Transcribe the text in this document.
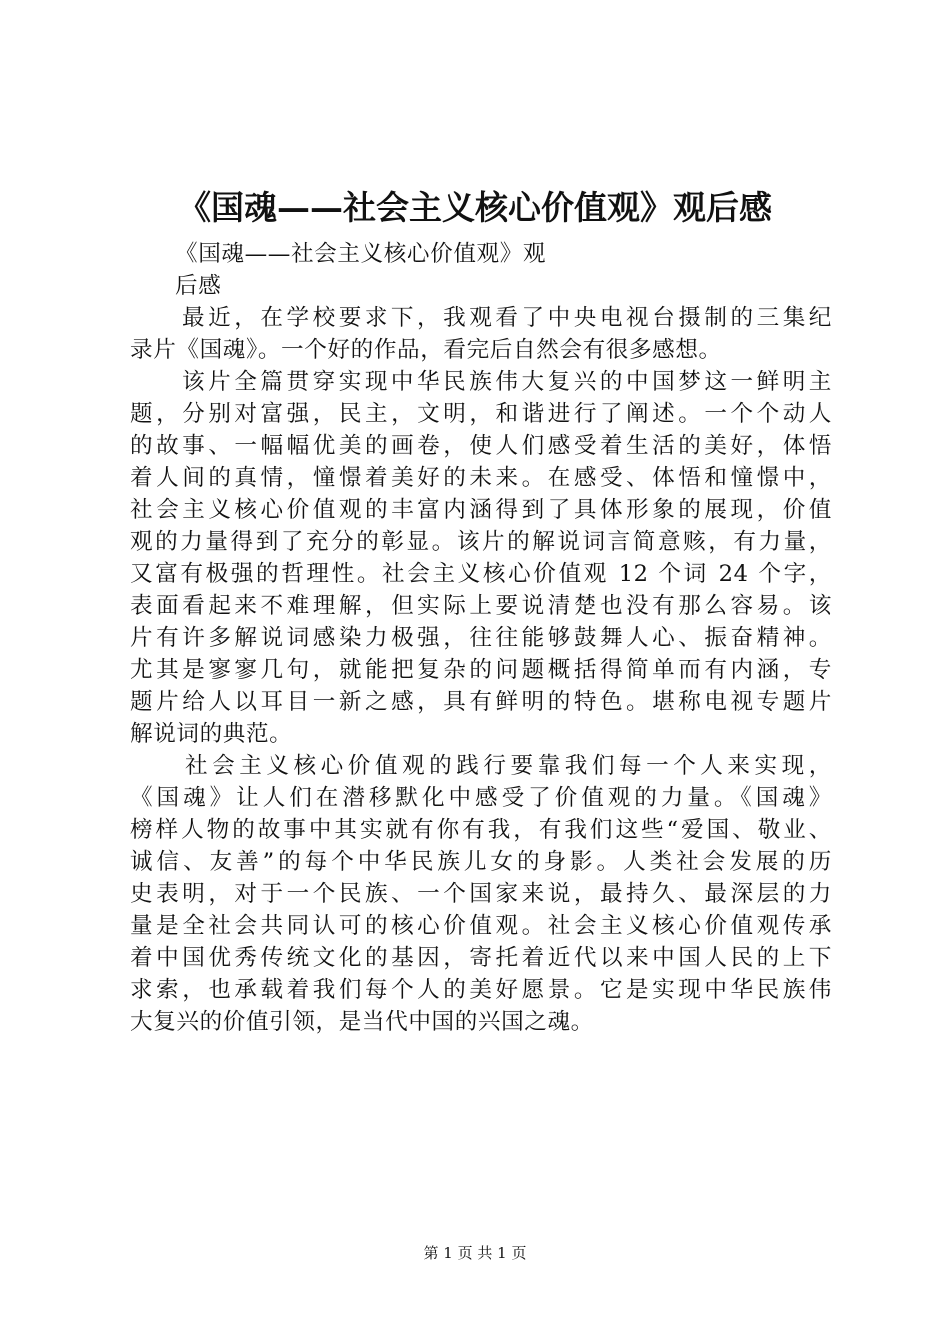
《国魂——社会主义核心价值观》观后感
《国魂——社会主义核心价值观》观
后感
最近，在学校要求下，我观看了中央电视台摄制的三集纪
录片《国魂》。一个好的作品，看完后自然会有很多感想。
该片全篇贯穿实现中华民族伟大复兴的中国梦这一鲜明主
题，分别对富强，民主，文明，和谐进行了阐述。一个个动人
的故事、一幅幅优美的画卷，使人们感受着生活的美好，体悟
着人间的真情，憧憬着美好的未来。在感受、体悟和憧憬中，
社会主义核心价值观的丰富内涵得到了具体形象的展现，价值
观的力量得到了充分的彰显。该片的解说词言简意赅，有力量，
又富有极强的哲理性。社会主义核心价值观 12 个词 24 个字，
表面看起来不难理解，但实际上要说清楚也没有那么容易。该
片有许多解说词感染力极强，往往能够鼓舞人心、振奋精神。
尤其是寥寥几句，就能把复杂的问题概括得简单而有内涵，专
题片给人以耳目一新之感，具有鲜明的特色。堪称电视专题片
解说词的典范。
社会主义核心价值观的践行要靠我们每一个人来实现，
《国魂》让人们在潜移默化中感受了价值观的力量。《国魂》
榜样人物的故事中其实就有你有我，有我们这些“爱国、敬业、
诚信、友善”的每个中华民族儿女的身影。人类社会发展的历
史表明，对于一个民族、一个国家来说，最持久、最深层的力
量是全社会共同认可的核心价值观。社会主义核心价值观传承
着中国优秀传统文化的基因，寄托着近代以来中国人民的上下
求索，也承载着我们每个人的美好愿景。它是实现中华民族伟
大复兴的价值引领，是当代中国的兴国之魂。
第 1 页 共 1 页
